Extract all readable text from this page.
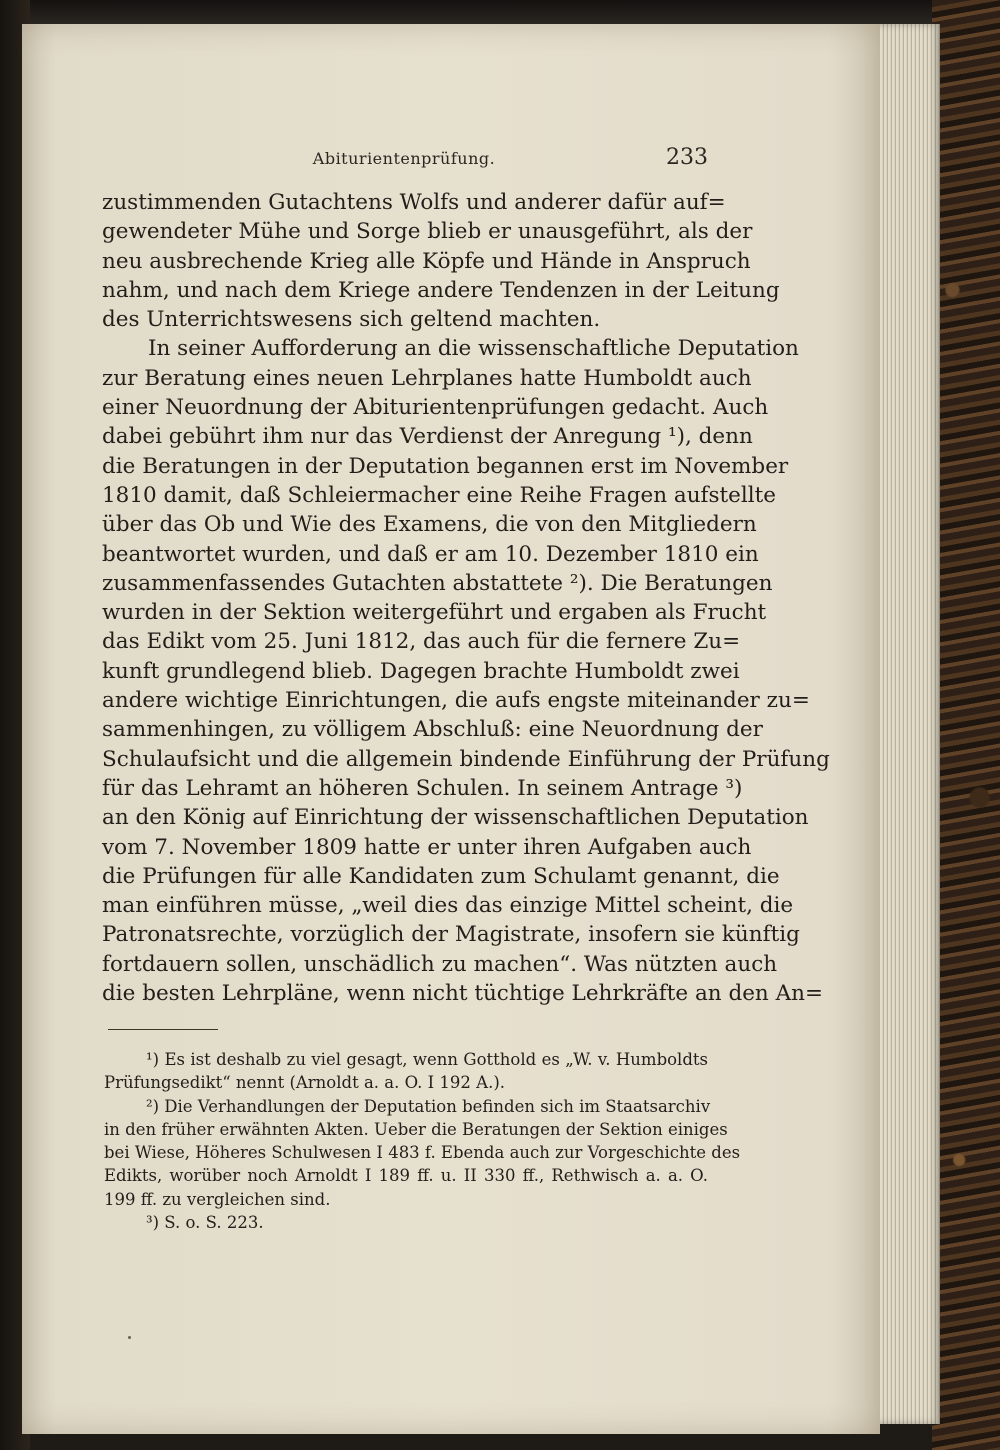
Abiturientenprüfung.	233
zustimmenden Gutachtens Wolfs und anderer dafür auf=
gewendeter Mühe und Sorge blieb er unausgeführt, als der
neu ausbrechende Krieg alle Köpfe und Hände in Anspruch
nahm, und nach dem Kriege andere Tendenzen in der Leitung
des Unterrichtswesens sich geltend machten.
In seiner Aufforderung an die wissenschaftliche Deputation
zur Beratung eines neuen Lehrplanes hatte Humboldt auch
einer Neuordnung der Abiturientenprüfungen gedacht. Auch
dabei gebührt ihm nur das Verdienst der Anregung ¹), denn
die Beratungen in der Deputation begannen erst im November
1810 damit, daß Schleiermacher eine Reihe Fragen aufstellte
über das Ob und Wie des Examens, die von den Mitgliedern
beantwortet wurden, und daß er am 10. Dezember 1810 ein
zusammenfassendes Gutachten abstattete ²). Die Beratungen
wurden in der Sektion weitergeführt und ergaben als Frucht
das Edikt vom 25. Juni 1812, das auch für die fernere Zu=
kunft grundlegend blieb. Dagegen brachte Humboldt zwei
andere wichtige Einrichtungen, die aufs engste miteinander zu=
sammenhingen, zu völligem Abschluß: eine Neuordnung der
Schulaufsicht und die allgemein bindende Einführung der Prüfung
für das Lehramt an höheren Schulen. In seinem Antrage ³)
an den König auf Einrichtung der wissenschaftlichen Deputation
vom 7. November 1809 hatte er unter ihren Aufgaben auch
die Prüfungen für alle Kandidaten zum Schulamt genannt, die
man einführen müsse, „weil dies das einzige Mittel scheint, die
Patronatsrechte, vorzüglich der Magistrate, insofern sie künftig
fortdauern sollen, unschädlich zu machen“. Was nützten auch
die besten Lehrpläne, wenn nicht tüchtige Lehrkräfte an den An=
¹) Es ist deshalb zu viel gesagt, wenn Gotthold es „W. v. Humboldts
Prüfungsedikt“ nennt (Arnoldt a. a. O. I 192 A.).
²) Die Verhandlungen der Deputation befinden sich im Staatsarchiv
in den früher erwähnten Akten. Ueber die Beratungen der Sektion einiges
bei Wiese, Höheres Schulwesen I 483 f. Ebenda auch zur Vorgeschichte des
Edikts, worüber noch Arnoldt I 189 ff. u. II 330 ff., Rethwisch a. a. O.
199 ff. zu vergleichen sind.
³) S. o. S. 223.
